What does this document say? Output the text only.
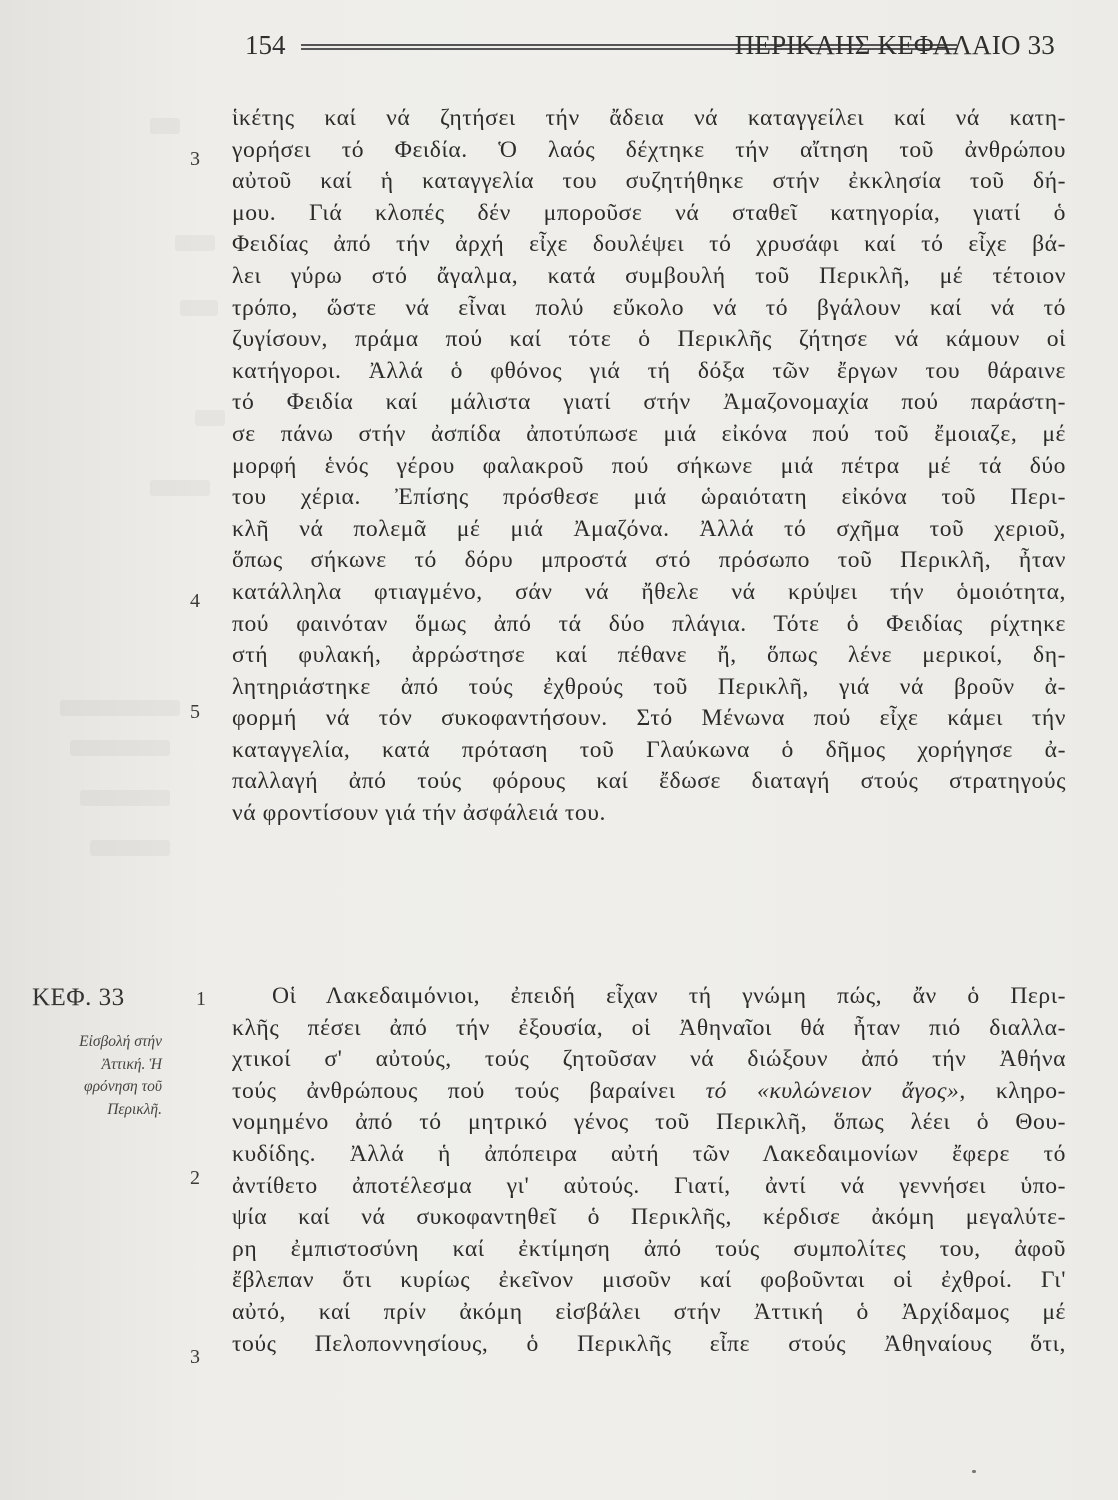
154	ΠΕΡΙΚΛΗΣ ΚΕΦΑΛΑΙΟ 33
3
4
5
1
2
3
ἱκέτης καί νά ζητήσει τήν ἄδεια νά καταγγείλει καί νά κατη-
γορήσει τό Φειδία. Ὁ λαός δέχτηκε τήν αἴτηση τοῦ ἀνθρώπου
αὐτοῦ καί ἡ καταγγελία του συζητήθηκε στήν ἐκκλησία τοῦ δή-
μου. Γιά κλοπές δέν μποροῦσε νά σταθεῖ κατηγορία, γιατί ὁ
Φειδίας ἀπό τήν ἀρχή εἶχε δουλέψει τό χρυσάφι καί τό εἶχε βά-
λει γύρω στό ἄγαλμα, κατά συμβουλή τοῦ Περικλῆ, μέ τέτοιον
τρόπο, ὥστε νά εἶναι πολύ εὔκολο νά τό βγάλουν καί νά τό
ζυγίσουν, πράμα πού καί τότε ὁ Περικλῆς ζήτησε νά κάμουν οἱ
κατήγοροι. Ἀλλά ὁ φθόνος γιά τή δόξα τῶν ἔργων του θάραινε
τό Φειδία καί μάλιστα γιατί στήν Ἀμαζονομαχία πού παράστη-
σε πάνω στήν ἀσπίδα ἀποτύπωσε μιά εἰκόνα πού τοῦ ἔμοιαζε, μέ
μορφή ἑνός γέρου φαλακροῦ πού σήκωνε μιά πέτρα μέ τά δύο
του χέρια. Ἐπίσης πρόσθεσε μιά ὡραιότατη εἰκόνα τοῦ Περι-
κλῆ νά πολεμᾶ μέ μιά Ἀμαζόνα. Ἀλλά τό σχῆμα τοῦ χεριοῦ,
ὅπως σήκωνε τό δόρυ μπροστά στό πρόσωπο τοῦ Περικλῆ, ἦταν
κατάλληλα φτιαγμένο, σάν νά ἤθελε νά κρύψει τήν ὁμοιότητα,
πού φαινόταν ὅμως ἀπό τά δύο πλάγια. Τότε ὁ Φειδίας ρίχτηκε
στή φυλακή, ἀρρώστησε καί πέθανε ἤ, ὅπως λένε μερικοί, δη-
λητηριάστηκε ἀπό τούς ἐχθρούς τοῦ Περικλῆ, γιά νά βροῦν ἀ-
φορμή νά τόν συκοφαντήσουν. Στό Μένωνα πού εἶχε κάμει τήν
καταγγελία, κατά πρόταση τοῦ Γλαύκωνα ὁ δῆμος χορήγησε ἀ-
παλλαγή ἀπό τούς φόρους καί ἔδωσε διαταγή στούς στρατηγούς
νά φροντίσουν γιά τήν ἀσφάλειά του.
ΚΕΦ. 33
Εἰσβολή στήν
Ἀττική. Ἡ
φρόνηση τοῦ
Περικλῆ.
Οἱ Λακεδαιμόνιοι, ἐπειδή εἶχαν τή γνώμη πώς, ἄν ὁ Περι-
κλῆς πέσει ἀπό τήν ἐξουσία, οἱ Ἀθηναῖοι θά ἦταν πιό διαλλα-
χτικοί σ' αὐτούς, τούς ζητοῦσαν νά διώξουν ἀπό τήν Ἀθήνα
τούς ἀνθρώπους πού τούς βαραίνει τό «κυλώνειον ἄγος», κληρο-
νομημένο ἀπό τό μητρικό γένος τοῦ Περικλῆ, ὅπως λέει ὁ Θου-
κυδίδης. Ἀλλά ἡ ἀπόπειρα αὐτή τῶν Λακεδαιμονίων ἔφερε τό
ἀντίθετο ἀποτέλεσμα γι' αὐτούς. Γιατί, ἀντί νά γεννήσει ὑπο-
ψία καί νά συκοφαντηθεῖ ὁ Περικλῆς, κέρδισε ἀκόμη μεγαλύτε-
ρη ἐμπιστοσύνη καί ἐκτίμηση ἀπό τούς συμπολίτες του, ἀφοῦ
ἔβλεπαν ὅτι κυρίως ἐκεῖνον μισοῦν καί φοβοῦνται οἱ ἐχθροί. Γι'
αὐτό, καί πρίν ἀκόμη εἰσβάλει στήν Ἀττική ὁ Ἀρχίδαμος μέ
τούς Πελοποννησίους, ὁ Περικλῆς εἶπε στούς Ἀθηναίους ὅτι,
